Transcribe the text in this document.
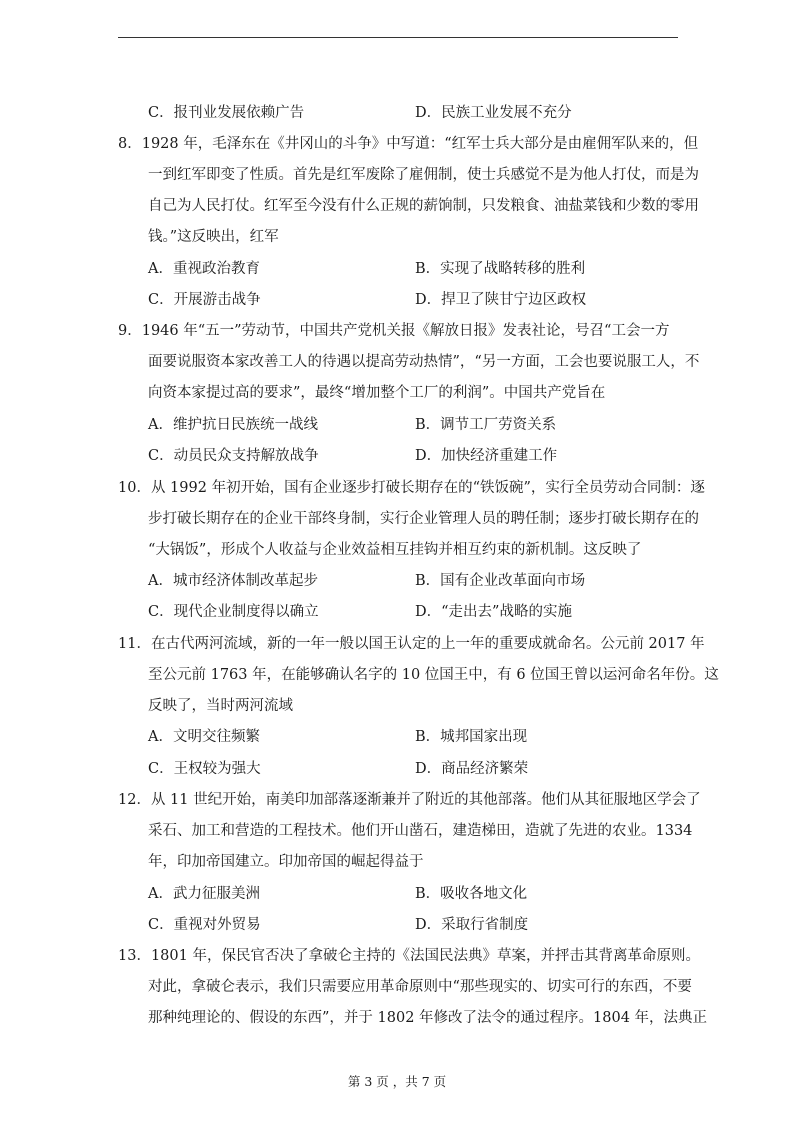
C．报刊业发展依赖广告	D．民族工业发展不充分
8．1928 年，毛泽东在《井冈山的斗争》中写道：“红军士兵大部分是由雇佣军队来的，但
一到红军即变了性质。首先是红军废除了雇佣制，使士兵感觉不是为他人打仗，而是为
自己为人民打仗。红军至今没有什么正规的薪饷制，只发粮食、油盐菜钱和少数的零用
钱。”这反映出，红军
A．重视政治教育	B．实现了战略转移的胜利
C．开展游击战争	D．捍卫了陕甘宁边区政权
9．1946 年“五一”劳动节，中国共产党机关报《解放日报》发表社论，号召“工会一方
面要说服资本家改善工人的待遇以提高劳动热情”，“另一方面，工会也要说服工人，不
向资本家提过高的要求”，最终“增加整个工厂的利润”。中国共产党旨在
A．维护抗日民族统一战线	B．调节工厂劳资关系
C．动员民众支持解放战争	D．加快经济重建工作
10．从 1992 年初开始，国有企业逐步打破长期存在的“铁饭碗”，实行全员劳动合同制：逐
步打破长期存在的企业干部终身制，实行企业管理人员的聘任制；逐步打破长期存在的
“大锅饭”，形成个人收益与企业效益相互挂钩并相互约束的新机制。这反映了
A．城市经济体制改革起步	B．国有企业改革面向市场
C．现代企业制度得以确立	D．“走出去”战略的实施
11．在古代两河流域，新的一年一般以国王认定的上一年的重要成就命名。公元前 2017 年
至公元前 1763 年，在能够确认名字的 10 位国王中，有 6 位国王曾以运河命名年份。这
反映了，当时两河流域
A．文明交往频繁	B．城邦国家出现
C．王权较为强大	D．商品经济繁荣
12．从 11 世纪开始，南美印加部落逐渐兼并了附近的其他部落。他们从其征服地区学会了
采石、加工和营造的工程技术。他们开山凿石，建造梯田，造就了先进的农业。1334
年，印加帝国建立。印加帝国的崛起得益于
A．武力征服美洲	B．吸收各地文化
C．重视对外贸易	D．采取行省制度
13．1801 年，保民官否决了拿破仑主持的《法国民法典》草案，并抨击其背离革命原则。
对此，拿破仑表示，我们只需要应用革命原则中“那些现实的、切实可行的东西，不要
那种纯理论的、假设的东西”，并于 1802 年修改了法令的通过程序。1804 年，法典正
第 3 页 ，共 7 页
